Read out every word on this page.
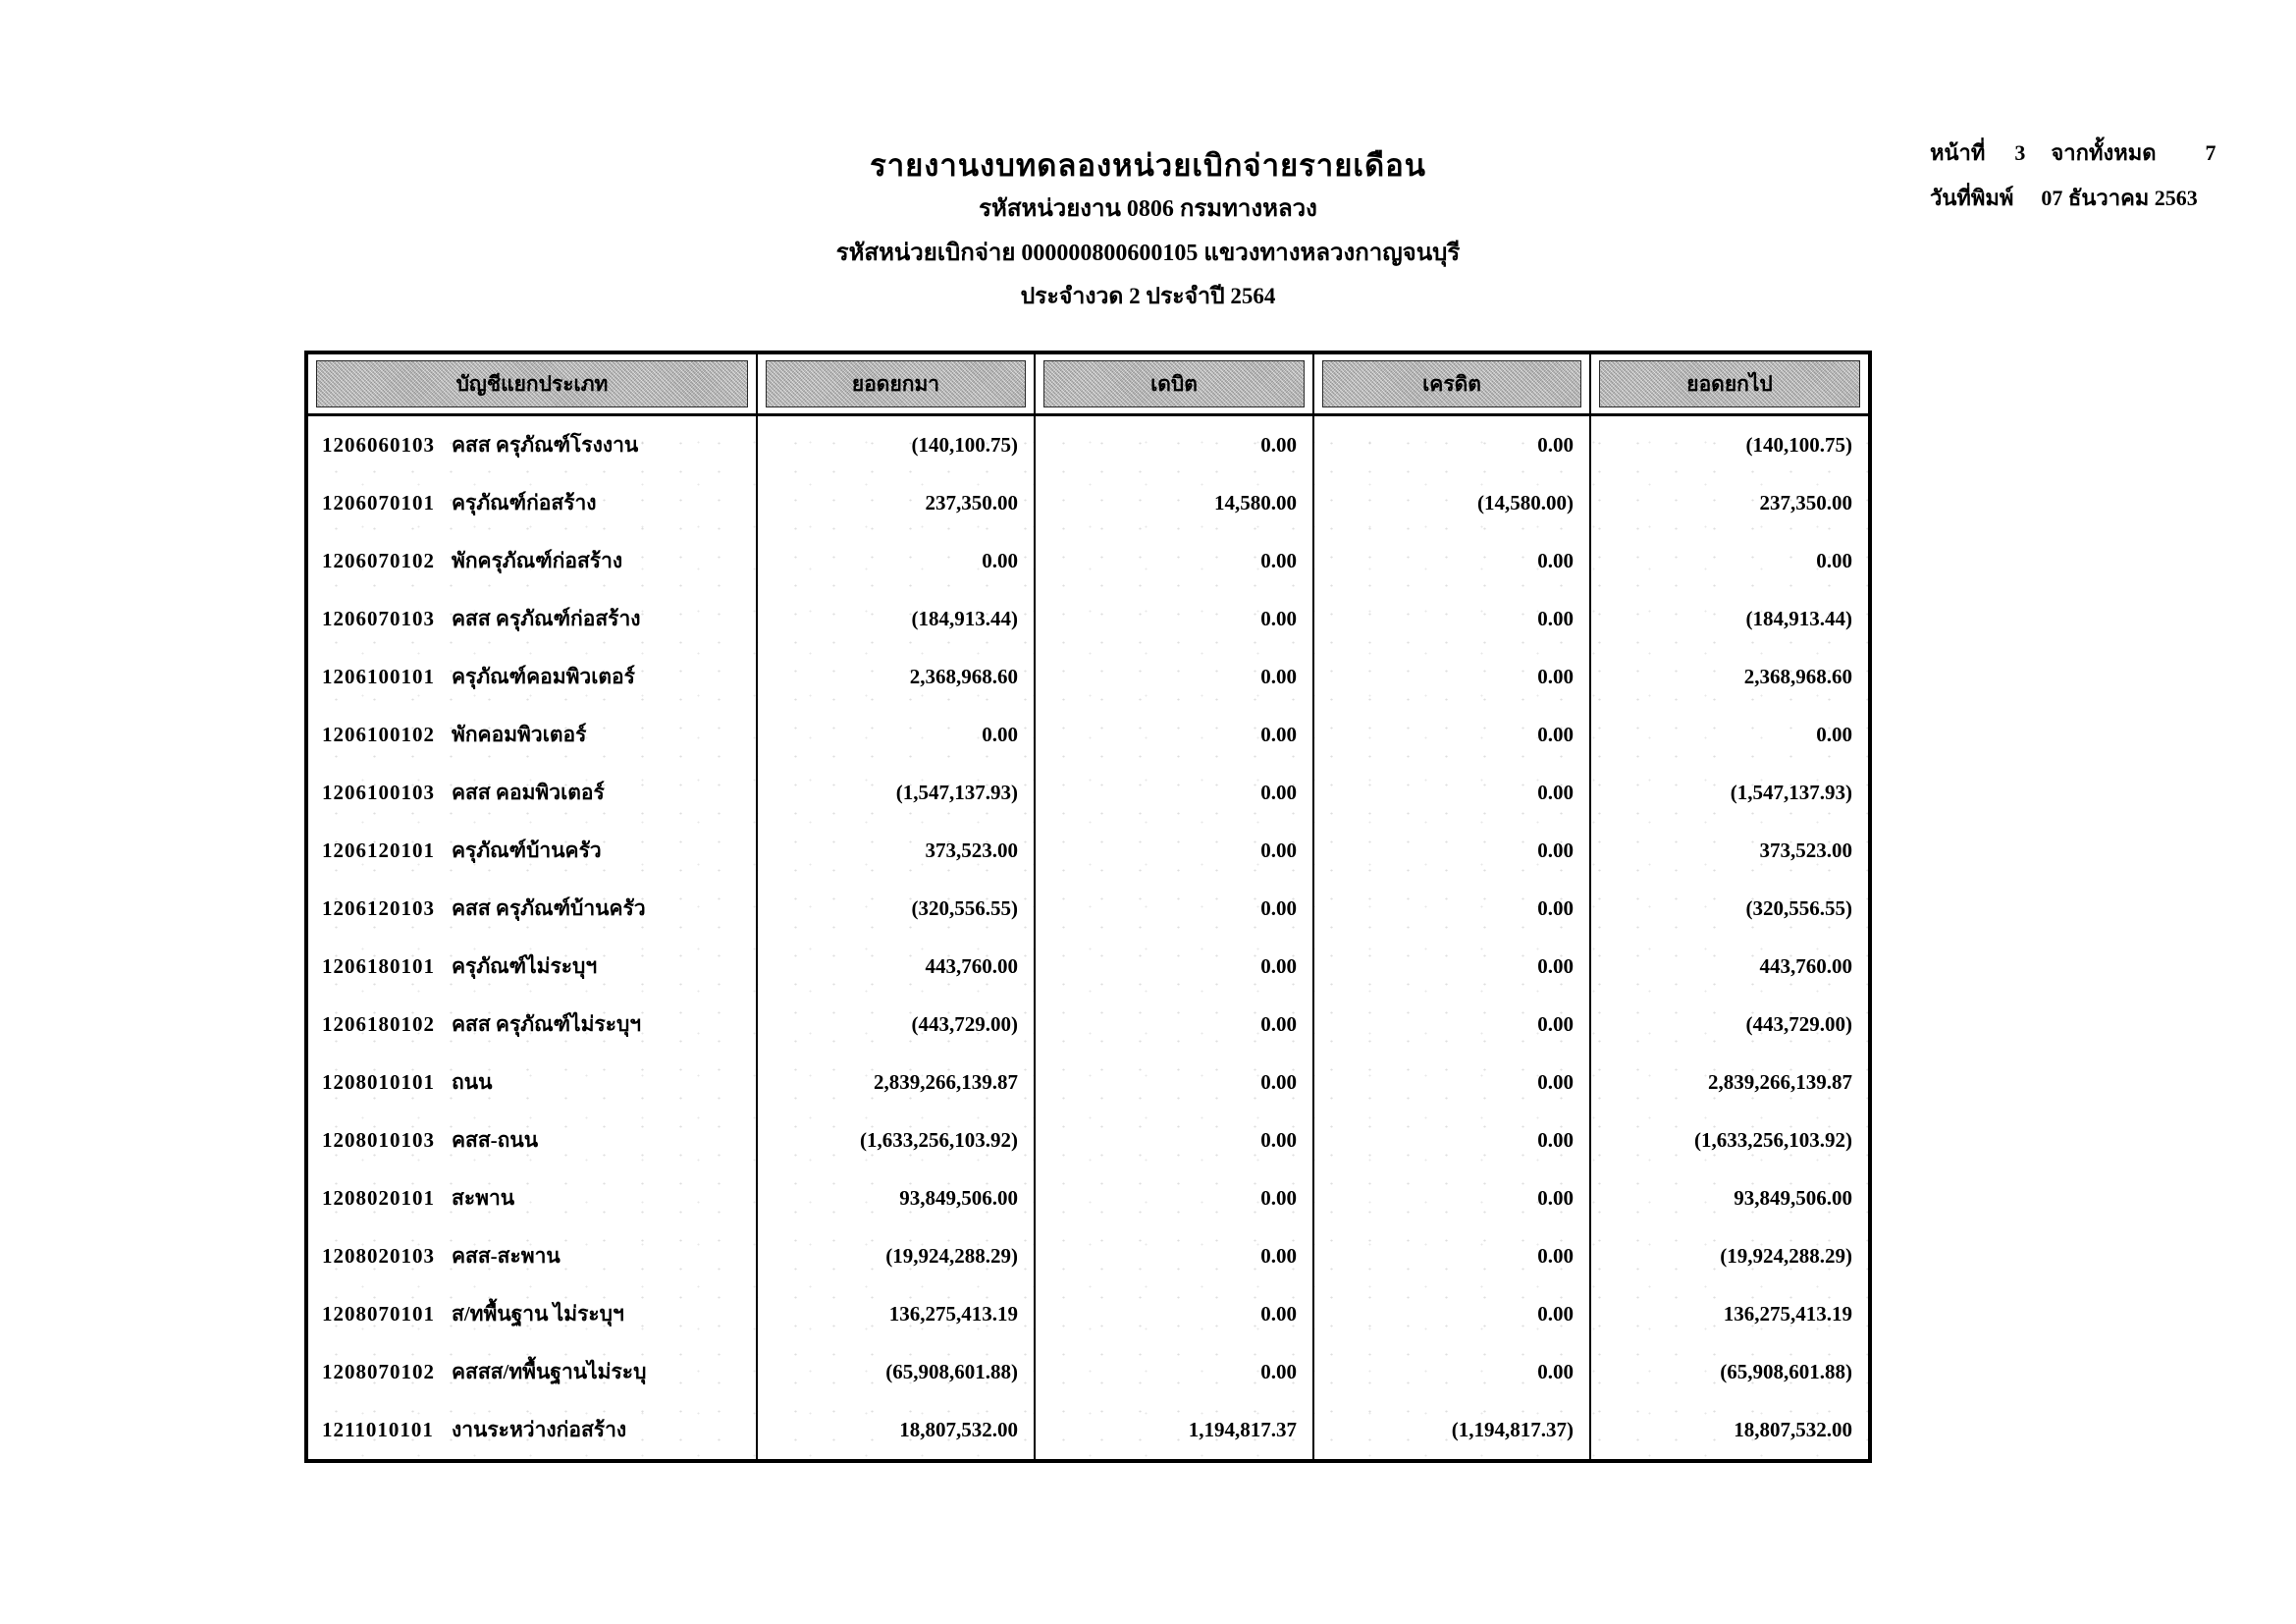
รายงานงบทดลองหน่วยเบิกจ่ายรายเดือน
รหัสหน่วยงาน 0806 กรมทางหลวง
รหัสหน่วยเบิกจ่าย 000000800600105 แขวงทางหลวงกาญจนบุรี
ประจำงวด 2 ประจำปี 2564
หน้าที่ 3 จากทั้งหมด 7
วันที่พิมพ์ 07 ธันวาคม 2563
บัญชีแยกประเภท	ยอดยกมา	เดบิต	เครดิต	ยอดยกไป
1206060103 คสส ครุภัณฑ์โรงงาน	(140,100.75)	0.00	0.00	(140,100.75)
1206070101 ครุภัณฑ์ก่อสร้าง	237,350.00	14,580.00	(14,580.00)	237,350.00
1206070102 พักครุภัณฑ์ก่อสร้าง	0.00	0.00	0.00	0.00
1206070103 คสส ครุภัณฑ์ก่อสร้าง	(184,913.44)	0.00	0.00	(184,913.44)
1206100101 ครุภัณฑ์คอมพิวเตอร์	2,368,968.60	0.00	0.00	2,368,968.60
1206100102 พักคอมพิวเตอร์	0.00	0.00	0.00	0.00
1206100103 คสส คอมพิวเตอร์	(1,547,137.93)	0.00	0.00	(1,547,137.93)
1206120101 ครุภัณฑ์บ้านครัว	373,523.00	0.00	0.00	373,523.00
1206120103 คสส ครุภัณฑ์บ้านครัว	(320,556.55)	0.00	0.00	(320,556.55)
1206180101 ครุภัณฑ์ไม่ระบุฯ	443,760.00	0.00	0.00	443,760.00
1206180102 คสส ครุภัณฑ์ไม่ระบุฯ	(443,729.00)	0.00	0.00	(443,729.00)
1208010101 ถนน	2,839,266,139.87	0.00	0.00	2,839,266,139.87
1208010103 คสส-ถนน	(1,633,256,103.92)	0.00	0.00	(1,633,256,103.92)
1208020101 สะพาน	93,849,506.00	0.00	0.00	93,849,506.00
1208020103 คสส-สะพาน	(19,924,288.29)	0.00	0.00	(19,924,288.29)
1208070101 ส/ทพื้นฐาน ไม่ระบุฯ	136,275,413.19	0.00	0.00	136,275,413.19
1208070102 คสสส/ทพื้นฐานไม่ระบุ	(65,908,601.88)	0.00	0.00	(65,908,601.88)
1211010101 งานระหว่างก่อสร้าง	18,807,532.00	1,194,817.37	(1,194,817.37)	18,807,532.00
